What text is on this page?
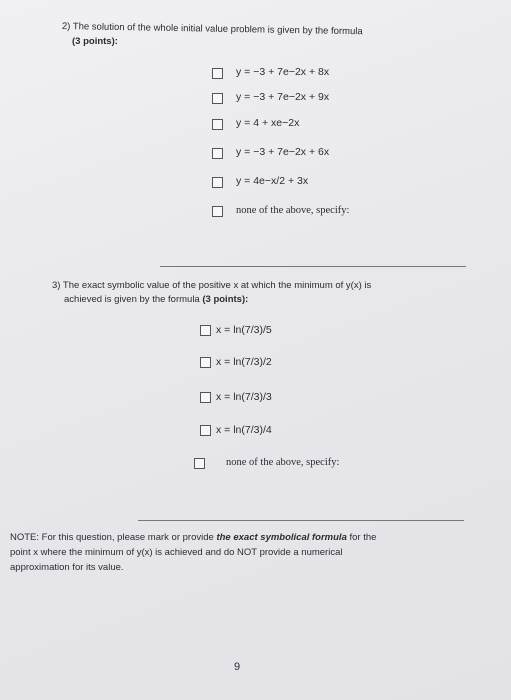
2) The solution of the whole initial value problem is given by the formula
(3 points):
y = −3 + 7e−2x + 8x
y = −3 + 7e−2x + 9x
y = 4 + xe−2x
y = −3 + 7e−2x + 6x
y = 4e−x/2 + 3x
none of the above, specify:
3) The exact symbolic value of the positive x at which the minimum of y(x) is
achieved is given by the formula (3 points):
x = ln(7/3)/5
x = ln(7/3)/2
x = ln(7/3)/3
x = ln(7/3)/4
none of the above, specify:
NOTE: For this question, please mark or provide the exact symbolical formula for the
point x where the minimum of y(x) is achieved and do NOT provide a numerical
approximation for its value.
9
